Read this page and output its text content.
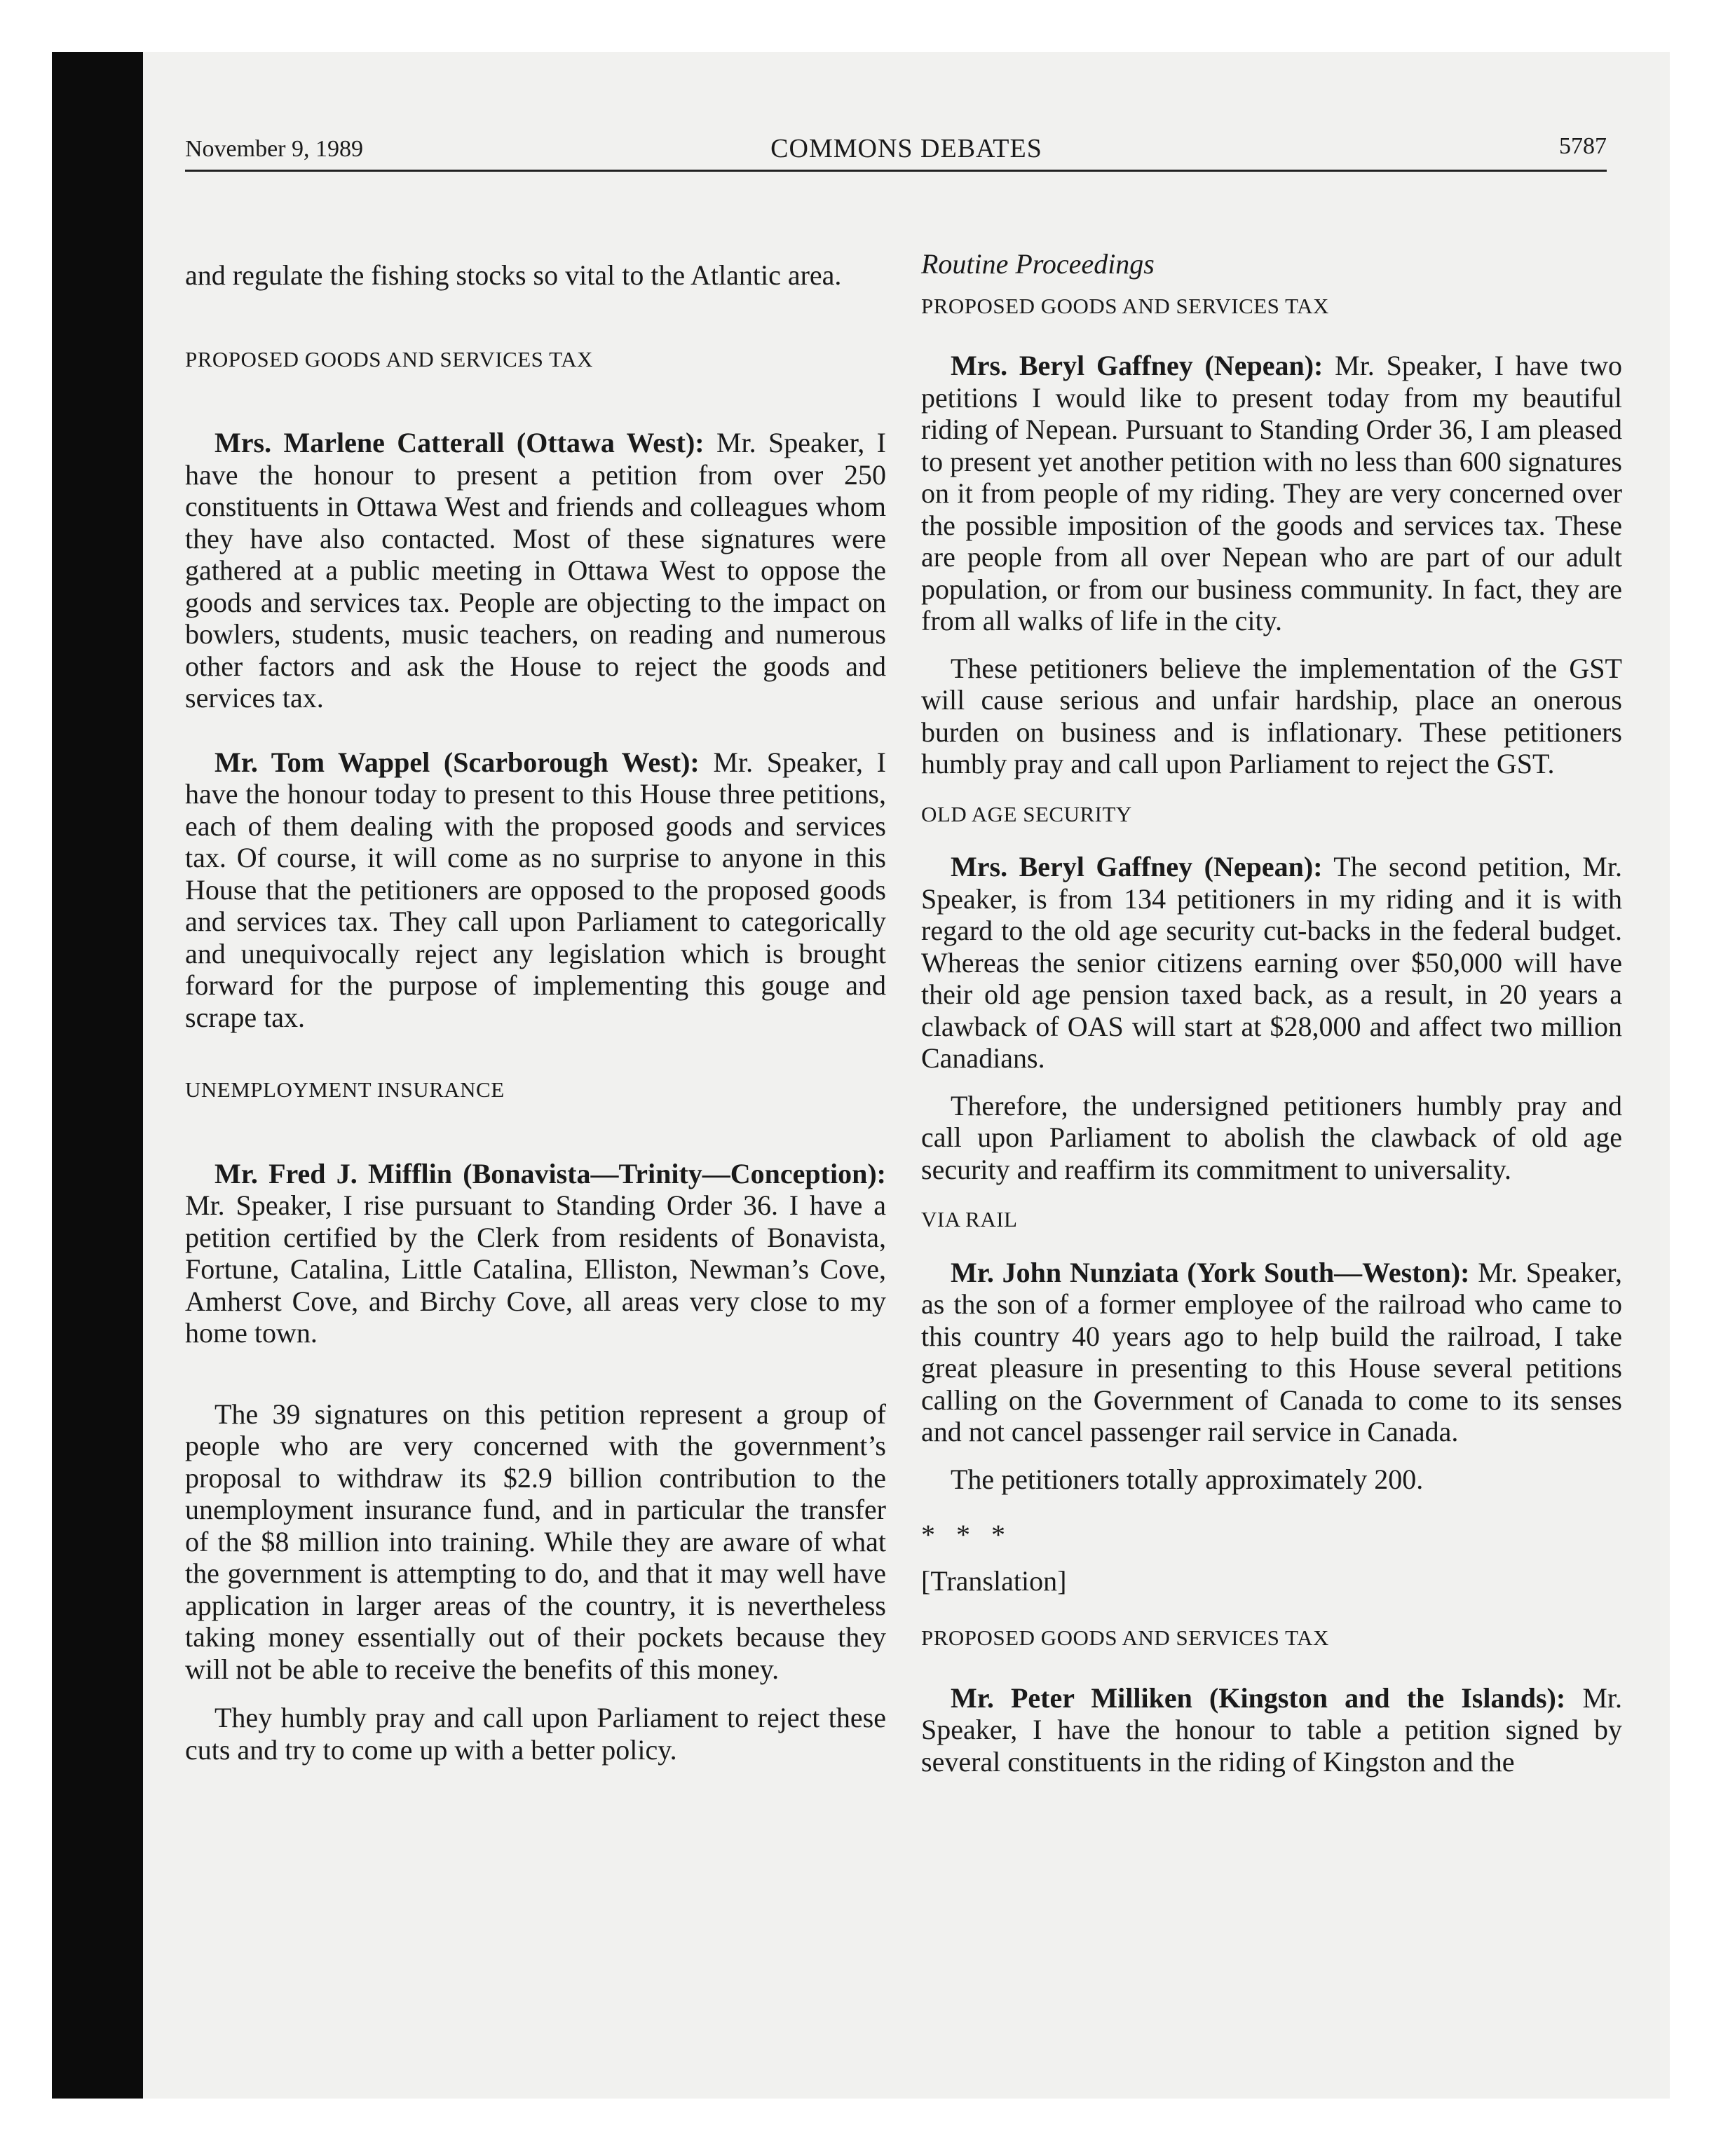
November 9, 1989	COMMONS DEBATES	5787

and regulate the fishing stocks so vital to the Atlantic area.

PROPOSED GOODS AND SERVICES TAX

Mrs. Marlene Catterall (Ottawa West): Mr. Speaker, I have the honour to present a petition from over 250 constituents in Ottawa West and friends and colleagues whom they have also contacted. Most of these signatures were gathered at a public meeting in Ottawa West to oppose the goods and services tax. People are objecting to the impact on bowlers, students, music teachers, on reading and numerous other factors and ask the House to reject the goods and services tax.

Mr. Tom Wappel (Scarborough West): Mr. Speaker, I have the honour today to present to this House three petitions, each of them dealing with the proposed goods and services tax. Of course, it will come as no surprise to anyone in this House that the petitioners are opposed to the proposed goods and services tax. They call upon Parliament to categorically and unequivocally reject any legislation which is brought forward for the purpose of implementing this gouge and scrape tax.

UNEMPLOYMENT INSURANCE

Mr. Fred J. Mifflin (Bonavista—Trinity—Conception): Mr. Speaker, I rise pursuant to Standing Order 36. I have a petition certified by the Clerk from residents of Bonavista, Fortune, Catalina, Little Catalina, Elliston, Newman’s Cove, Amherst Cove, and Birchy Cove, all areas very close to my home town.

The 39 signatures on this petition represent a group of people who are very concerned with the government’s proposal to withdraw its $2.9 billion contribution to the unemployment insurance fund, and in particular the transfer of the $8 million into training. While they are aware of what the government is attempting to do, and that it may well have application in larger areas of the country, it is nevertheless taking money essentially out of their pockets because they will not be able to receive the benefits of this money.

They humbly pray and call upon Parliament to reject these cuts and try to come up with a better policy.

Routine Proceedings

PROPOSED GOODS AND SERVICES TAX

Mrs. Beryl Gaffney (Nepean): Mr. Speaker, I have two petitions I would like to present today from my beautiful riding of Nepean. Pursuant to Standing Order 36, I am pleased to present yet another petition with no less than 600 signatures on it from people of my riding. They are very concerned over the possible imposition of the goods and services tax. These are people from all over Nepean who are part of our adult population, or from our business community. In fact, they are from all walks of life in the city.

These petitioners believe the implementation of the GST will cause serious and unfair hardship, place an onerous burden on business and is inflationary. These petitioners humbly pray and call upon Parliament to reject the GST.

OLD AGE SECURITY

Mrs. Beryl Gaffney (Nepean): The second petition, Mr. Speaker, is from 134 petitioners in my riding and it is with regard to the old age security cut-backs in the federal budget. Whereas the senior citizens earning over $50,000 will have their old age pension taxed back, as a result, in 20 years a clawback of OAS will start at $28,000 and affect two million Canadians.

Therefore, the undersigned petitioners humbly pray and call upon Parliament to abolish the clawback of old age security and reaffirm its commitment to universality.

VIA RAIL

Mr. John Nunziata (York South—Weston): Mr. Speaker, as the son of a former employee of the railroad who came to this country 40 years ago to help build the railroad, I take great pleasure in presenting to this House several petitions calling on the Government of Canada to come to its senses and not cancel passenger rail service in Canada.

The petitioners totally approximately 200.

* * *

[Translation]

PROPOSED GOODS AND SERVICES TAX

Mr. Peter Milliken (Kingston and the Islands): Mr. Speaker, I have the honour to table a petition signed by several constituents in the riding of Kingston and the
